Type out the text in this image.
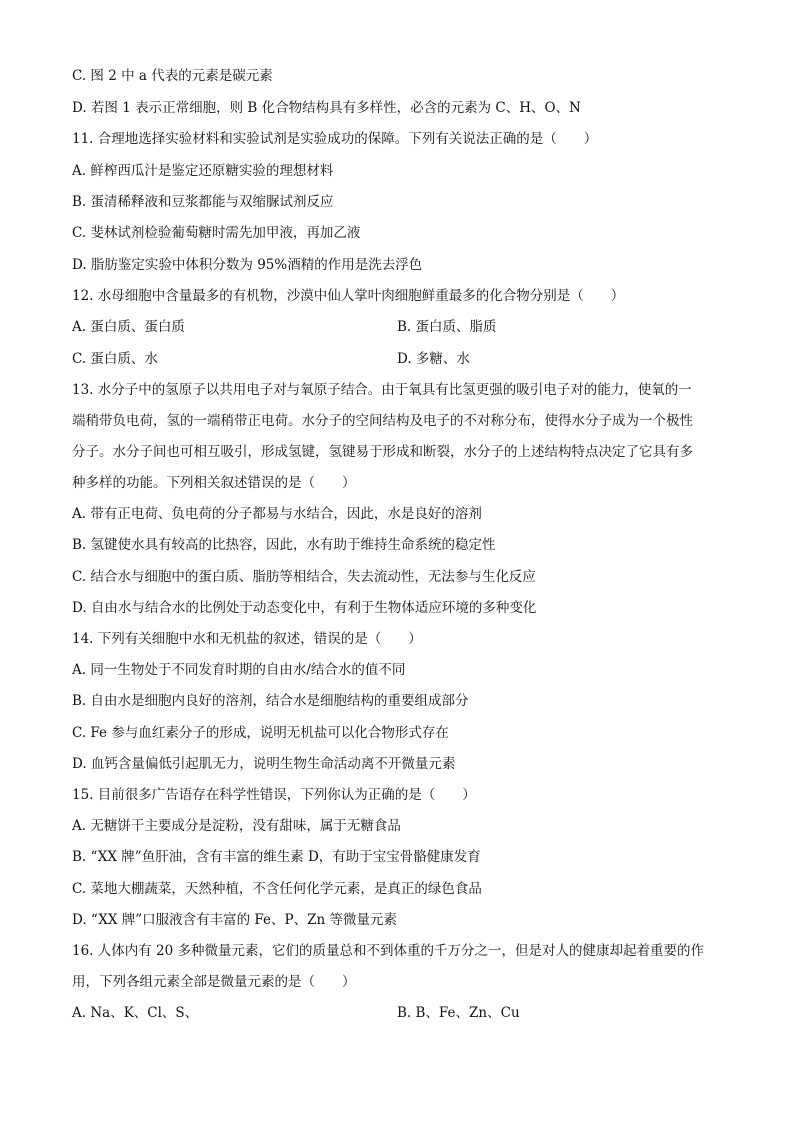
C. 图 2 中 a 代表的元素是碳元素
D. 若图 1 表示正常细胞，则 B 化合物结构具有多样性，必含的元素为 C、H、O、N
11. 合理地选择实验材料和实验试剂是实验成功的保障。下列有关说法正确的是（　　）
A. 鲜榨西瓜汁是鉴定还原糖实验的理想材料
B. 蛋清稀释液和豆浆都能与双缩脲试剂反应
C. 斐林试剂检验葡萄糖时需先加甲液，再加乙液
D. 脂肪鉴定实验中体积分数为 95%酒精的作用是洗去浮色
12. 水母细胞中含量最多的有机物，沙漠中仙人掌叶肉细胞鲜重最多的化合物分别是（　　）
A. 蛋白质、蛋白质	B. 蛋白质、脂质
C. 蛋白质、水	D. 多糖、水
13. 水分子中的氢原子以共用电子对与氧原子结合。由于氧具有比氢更强的吸引电子对的能力，使氧的一
端稍带负电荷，氢的一端稍带正电荷。水分子的空间结构及电子的不对称分布，使得水分子成为一个极性
分子。水分子间也可相互吸引，形成氢键，氢键易于形成和断裂，水分子的上述结构特点决定了它具有多
种多样的功能。下列相关叙述错误的是（　　）
A. 带有正电荷、负电荷的分子都易与水结合，因此，水是良好的溶剂
B. 氢键使水具有较高的比热容，因此，水有助于维持生命系统的稳定性
C. 结合水与细胞中的蛋白质、脂肪等相结合，失去流动性，无法参与生化反应
D. 自由水与结合水的比例处于动态变化中，有利于生物体适应环境的多种变化
14. 下列有关细胞中水和无机盐的叙述，错误的是（　　）
A. 同一生物处于不同发育时期的自由水/结合水的值不同
B. 自由水是细胞内良好的溶剂，结合水是细胞结构的重要组成部分
C. Fe 参与血红素分子的形成，说明无机盐可以化合物形式存在
D. 血钙含量偏低引起肌无力，说明生物生命活动离不开微量元素
15. 目前很多广告语存在科学性错误，下列你认为正确的是（　　）
A. 无糖饼干主要成分是淀粉，没有甜味，属于无糖食品
B. “XX 牌”鱼肝油，含有丰富的维生素 D，有助于宝宝骨骼健康发育
C. 菜地大棚蔬菜，天然种植，不含任何化学元素，是真正的绿色食品
D. “XX 牌”口服液含有丰富的 Fe、P、Zn 等微量元素
16. 人体内有 20 多种微量元素，它们的质量总和不到体重的千万分之一，但是对人的健康却起着重要的作
用，下列各组元素全部是微量元素的是（　　）
A. Na、K、Cl、S、	B. B、Fe、Zn、Cu
